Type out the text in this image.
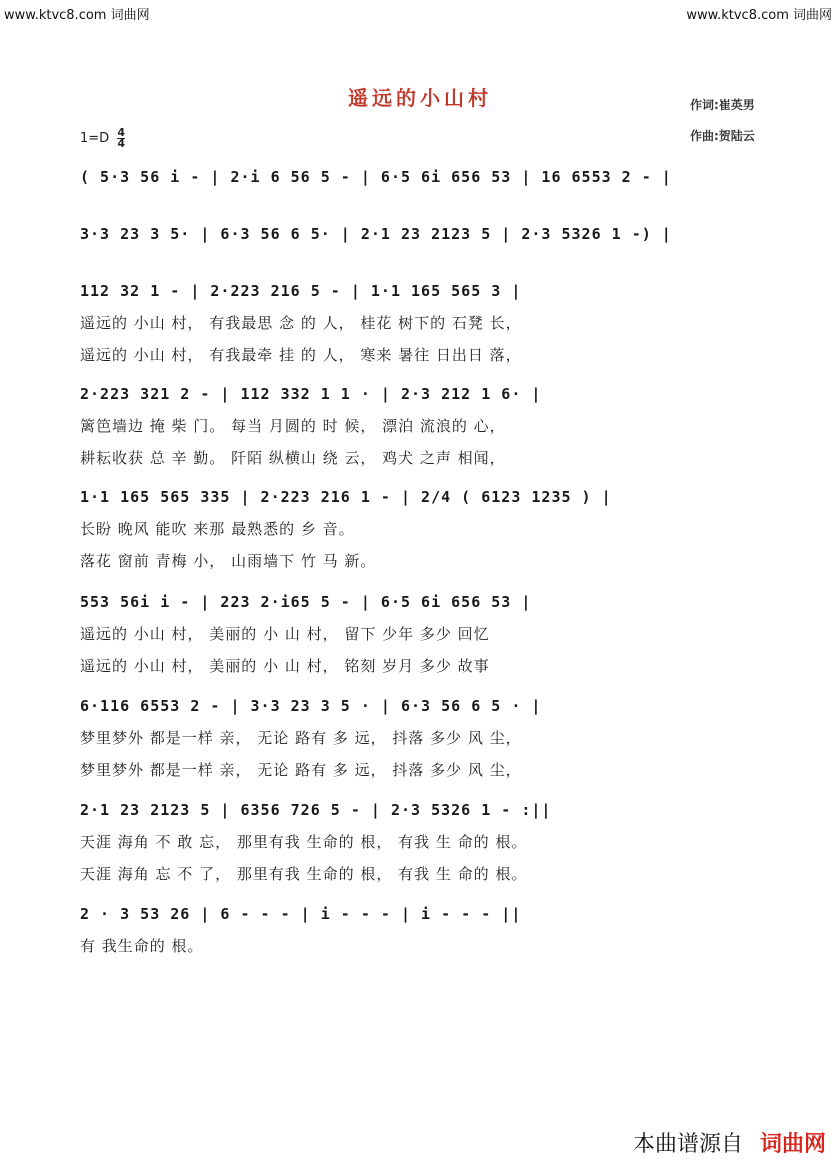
www.ktvc8.com 词曲网	www.ktvc8.com 词曲网
遥远的小山村	作词:崔英男
作曲:贺陆云
$1=D \frac{4}{4}$
( 5·3 56 i - | 2·i 6 56 5 - | 6·5 6i 656 53 | 16 6553 2 - |
3·3 23 3 5· | 6·3 56 6 5· | 2·1 23 2123 5 | 2·3 5326 1 -) |
112 32 1 - | 2·223 216 5 - | 1·1 165 565 3 |
遥远的 小山 村， 有我最思 念 的 人， 桂花 树下的 石凳 长，
遥远的 小山 村， 有我最牵 挂 的 人， 寒来 暑往 日出日 落，
2·223 321 2 - | 112 332 1 1 · | 2·3 212 1 6· |
篱笆墙边 掩 柴 门。 每当 月圆的 时 候， 漂泊 流浪的 心，
耕耘收获 总 辛 勤。 阡陌 纵横山 绕 云， 鸡犬 之声 相闻，
1·1 165 565 335 | 2·223 216 1 - | 2/4 ( 6123 1235 ) |
长盼 晚风 能吹 来那 最熟悉的 乡 音。
落花 窗前 青梅 小， 山雨墙下 竹 马 新。
553 56i i - | 223 2·i65 5 - | 6·5 6i 656 53 |
遥远的 小山 村， 美丽的 小 山 村， 留下 少年 多少 回忆
遥远的 小山 村， 美丽的 小 山 村， 铭刻 岁月 多少 故事
6·116 6553 2 - | 3·3 23 3 5 · | 6·3 56 6 5 · |
梦里梦外 都是一样 亲， 无论 路有 多 远， 抖落 多少 风 尘，
梦里梦外 都是一样 亲， 无论 路有 多 远， 抖落 多少 风 尘，
2·1 23 2123 5 | 6356 726 5 - | 2·3 5326 1 - :||
天涯 海角 不 敢 忘， 那里有我 生命的 根， 有我 生 命的 根。
天涯 海角 忘 不 了， 那里有我 生命的 根， 有我 生 命的 根。
2 · 3 53 26 | 6 - - - | i - - - | i - - - ||
有 我生命的 根。
本曲谱源自 词曲网
